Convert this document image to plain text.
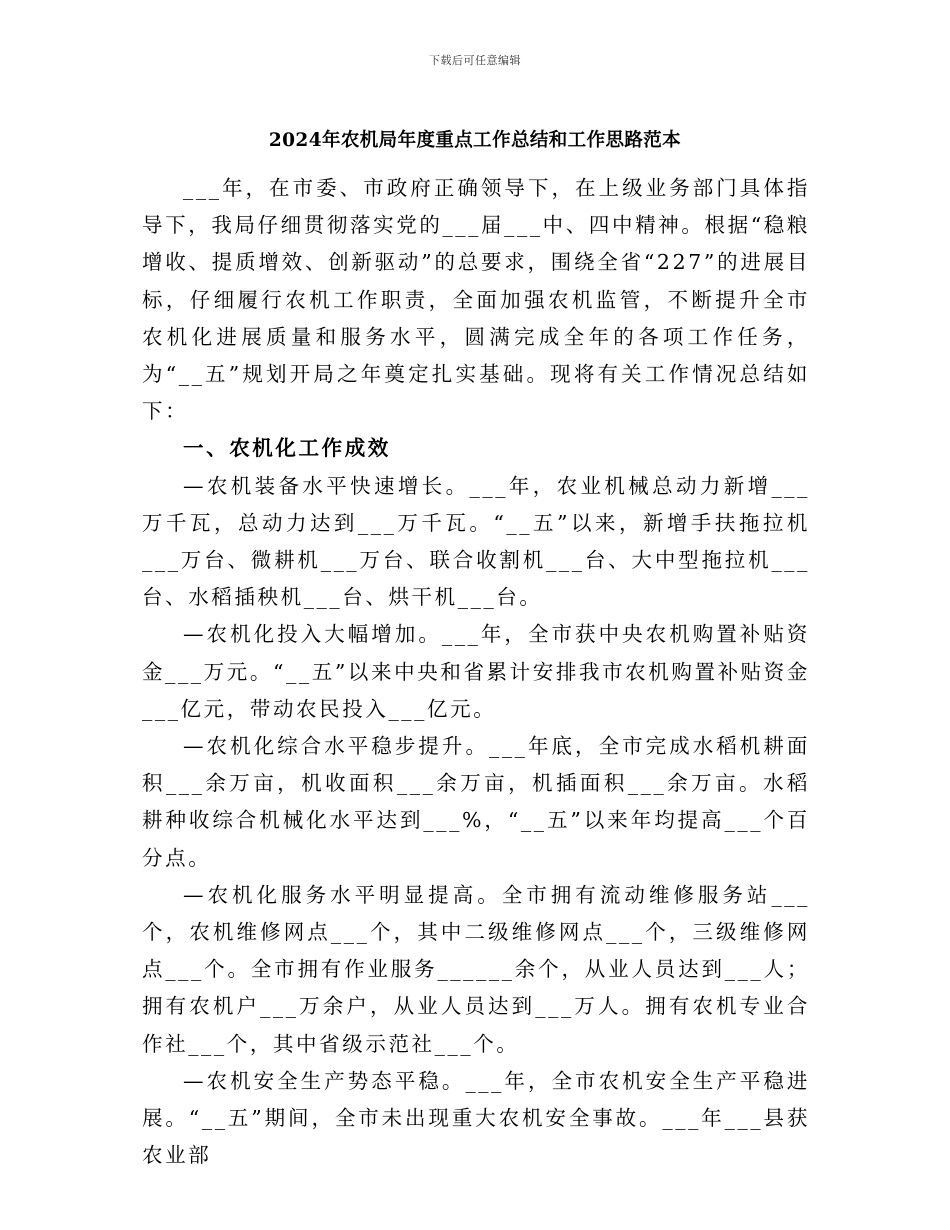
下载后可任意编辑
2024年农机局年度重点工作总结和工作思路范本

___年，在市委、市政府正确领导下，在上级业务部门具体指导下，我局仔细贯彻落实党的___届___中、四中精神。根据“稳粮增收、提质增效、创新驱动”的总要求，围绕全省“227”的进展目标，仔细履行农机工作职责，全面加强农机监管，不断提升全市农机化进展质量和服务水平，圆满完成全年的各项工作任务，为“__五”规划开局之年奠定扎实基础。现将有关工作情况总结如下：

一、农机化工作成效

—农机装备水平快速增长。___年，农业机械总动力新增___万千瓦，总动力达到___万千瓦。“__五”以来，新增手扶拖拉机___万台、微耕机___万台、联合收割机___台、大中型拖拉机___台、水稻插秧机___台、烘干机___台。

—农机化投入大幅增加。___年，全市获中央农机购置补贴资金___万元。“__五”以来中央和省累计安排我市农机购置补贴资金___亿元，带动农民投入___亿元。

—农机化综合水平稳步提升。___年底，全市完成水稻机耕面积___余万亩，机收面积___余万亩，机插面积___余万亩。水稻耕种收综合机械化水平达到___%，“__五”以来年均提高___个百分点。

—农机化服务水平明显提高。全市拥有流动维修服务站___个，农机维修网点___个，其中二级维修网点___个，三级维修网点___个。全市拥有作业服务______余个，从业人员达到___人；拥有农机户___万余户，从业人员达到___万人。拥有农机专业合作社___个，其中省级示范社___个。

—农机安全生产势态平稳。___年，全市农机安全生产平稳进展。“__五”期间，全市未出现重大农机安全事故。___年___县获农业部
